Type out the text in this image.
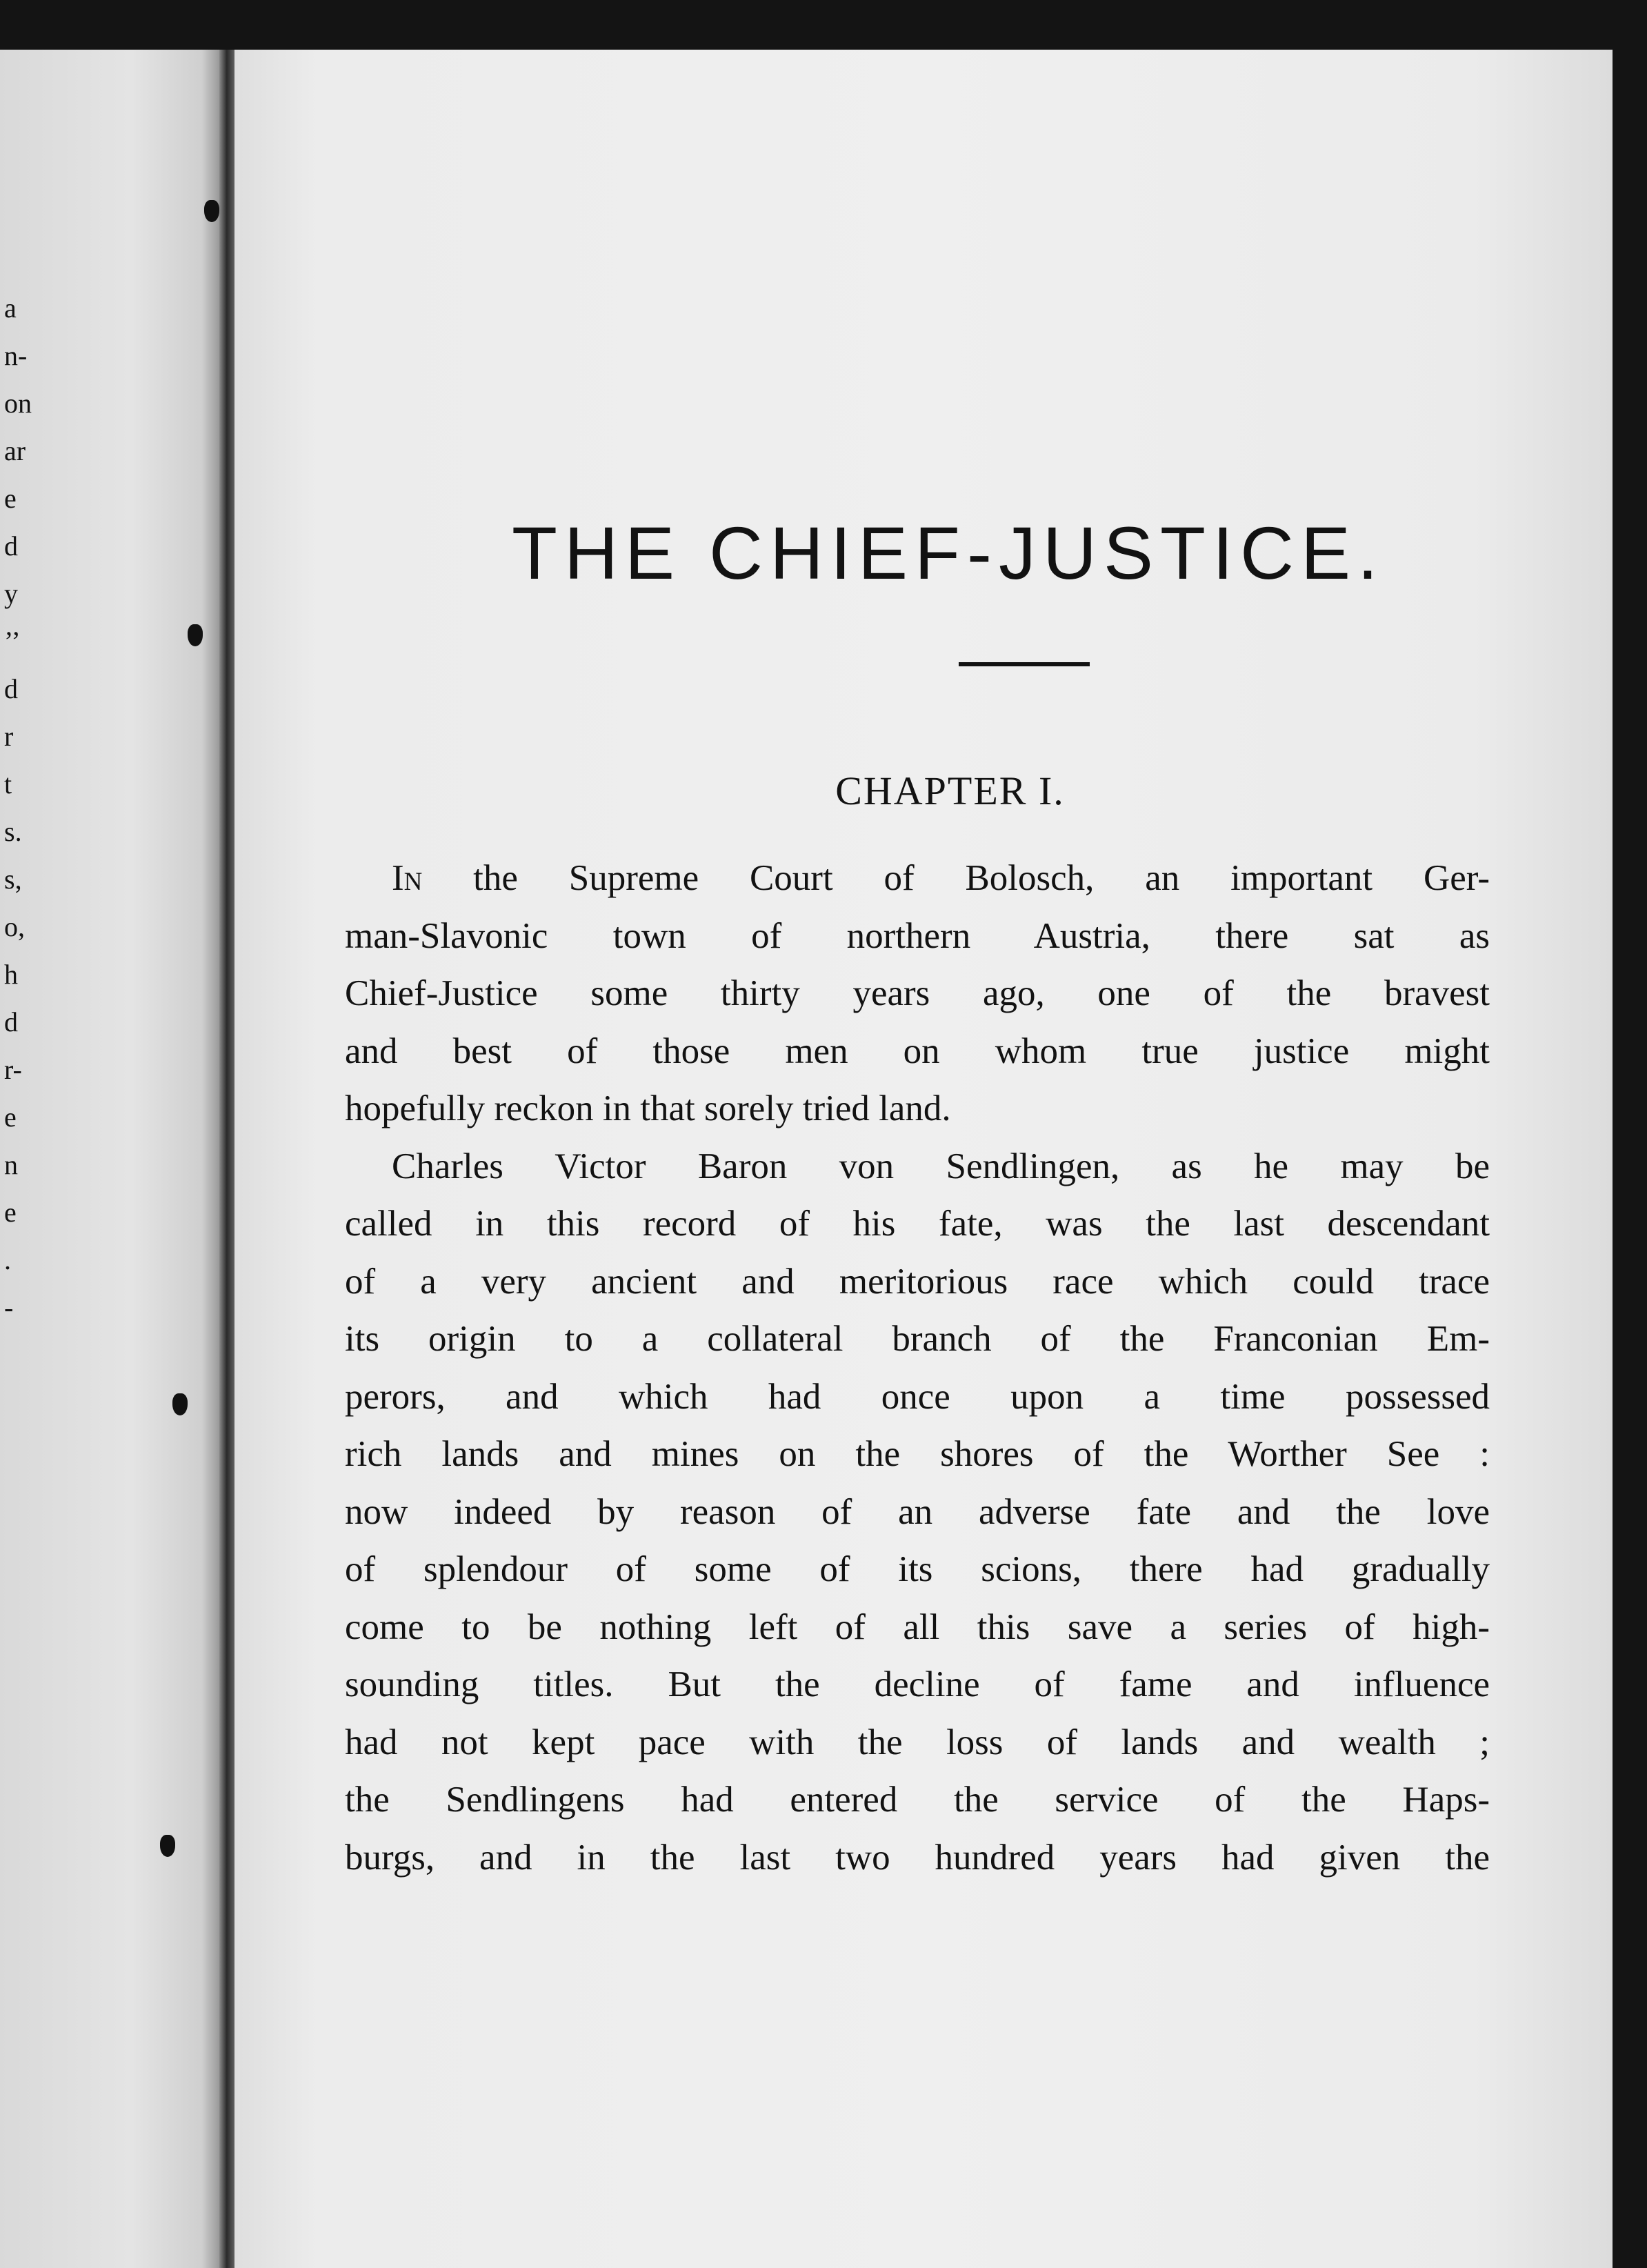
a
n-
on
ar
e
d
y
’’
d
r
t
s.
s,
o,
h
d
r-
e
n
e
.
-
THE CHIEF-JUSTICE.
CHAPTER I.
In the Supreme Court of Bolosch, an important Ger-
man-Slavonic town of northern Austria, there sat as
Chief-Justice some thirty years ago, one of the bravest
and best of those men on whom true justice might
hopefully reckon in that sorely tried land.
Charles Victor Baron von Sendlingen, as he may be
called in this record of his fate, was the last descendant
of a very ancient and meritorious race which could trace
its origin to a collateral branch of the Franconian Em-
perors, and which had once upon a time possessed
rich lands and mines on the shores of the Worther See :
now indeed by reason of an adverse fate and the love
of splendour of some of its scions, there had gradually
come to be nothing left of all this save a series of high-
sounding titles. But the decline of fame and influence
had not kept pace with the loss of lands and wealth ;
the Sendlingens had entered the service of the Haps-
burgs, and in the last two hundred years had given the
